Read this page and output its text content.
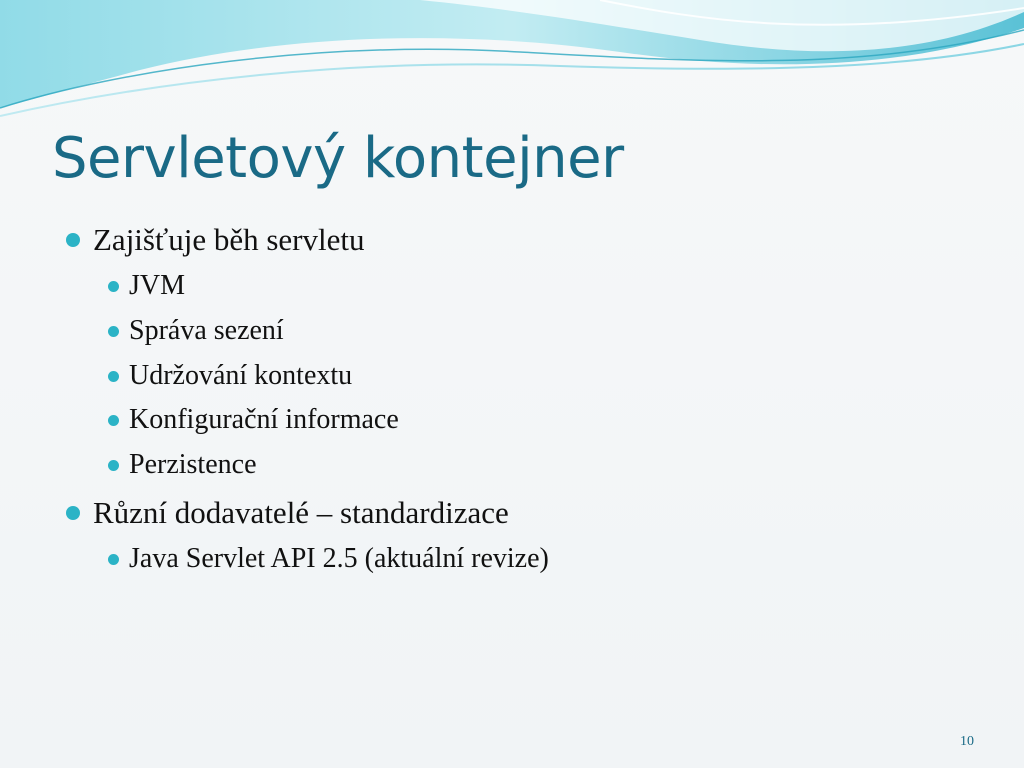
Servletový kontejner
Zajišťuje běh servletu
JVM
Správa sezení
Udržování kontextu
Konfigurační informace
Perzistence
Různí dodavatelé – standardizace
Java Servlet API 2.5 (aktuální revize)
10
